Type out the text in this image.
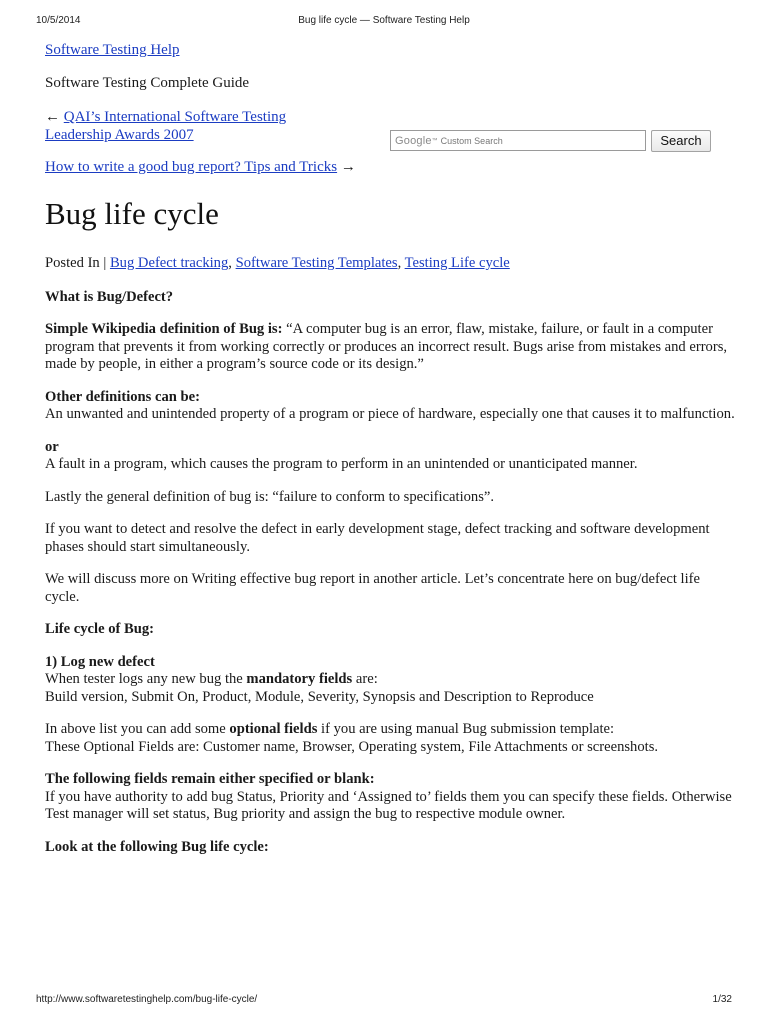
10/5/2014	Bug life cycle — Software Testing Help
Software Testing Help
Software Testing Complete Guide
← QAI’s International Software Testing
Leadership Awards 2007	Google ™ Custom Search	Search
How to write a good bug report? Tips and Tricks →
Bug life cycle

Posted In | Bug Defect tracking, Software Testing Templates, Testing Life cycle

What is Bug/Defect?

Simple Wikipedia definition of Bug is: “A computer bug is an error, flaw, mistake, failure, or fault in a computer program that prevents it from working correctly or produces an incorrect result. Bugs arise from mistakes and errors, made by people, in either a program’s source code or its design.”

Other definitions can be:
An unwanted and unintended property of a program or piece of hardware, especially one that causes it to malfunction.

or
A fault in a program, which causes the program to perform in an unintended or unanticipated manner.

Lastly the general definition of bug is: “failure to conform to specifications”.

If you want to detect and resolve the defect in early development stage, defect tracking and software development phases should start simultaneously.

We will discuss more on Writing effective bug report in another article. Let’s concentrate here on bug/defect life cycle.

Life cycle of Bug:

1) Log new defect
When tester logs any new bug the mandatory fields are:
Build version, Submit On, Product, Module, Severity, Synopsis and Description to Reproduce

In above list you can add some optional fields if you are using manual Bug submission template:
These Optional Fields are: Customer name, Browser, Operating system, File Attachments or screenshots.

The following fields remain either specified or blank:
If you have authority to add bug Status, Priority and ‘Assigned to’ fields them you can specify these fields. Otherwise Test manager will set status, Bug priority and assign the bug to respective module owner.

Look at the following Bug life cycle:

http://www.softwaretestinghelp.com/bug-life-cycle/	1/32
